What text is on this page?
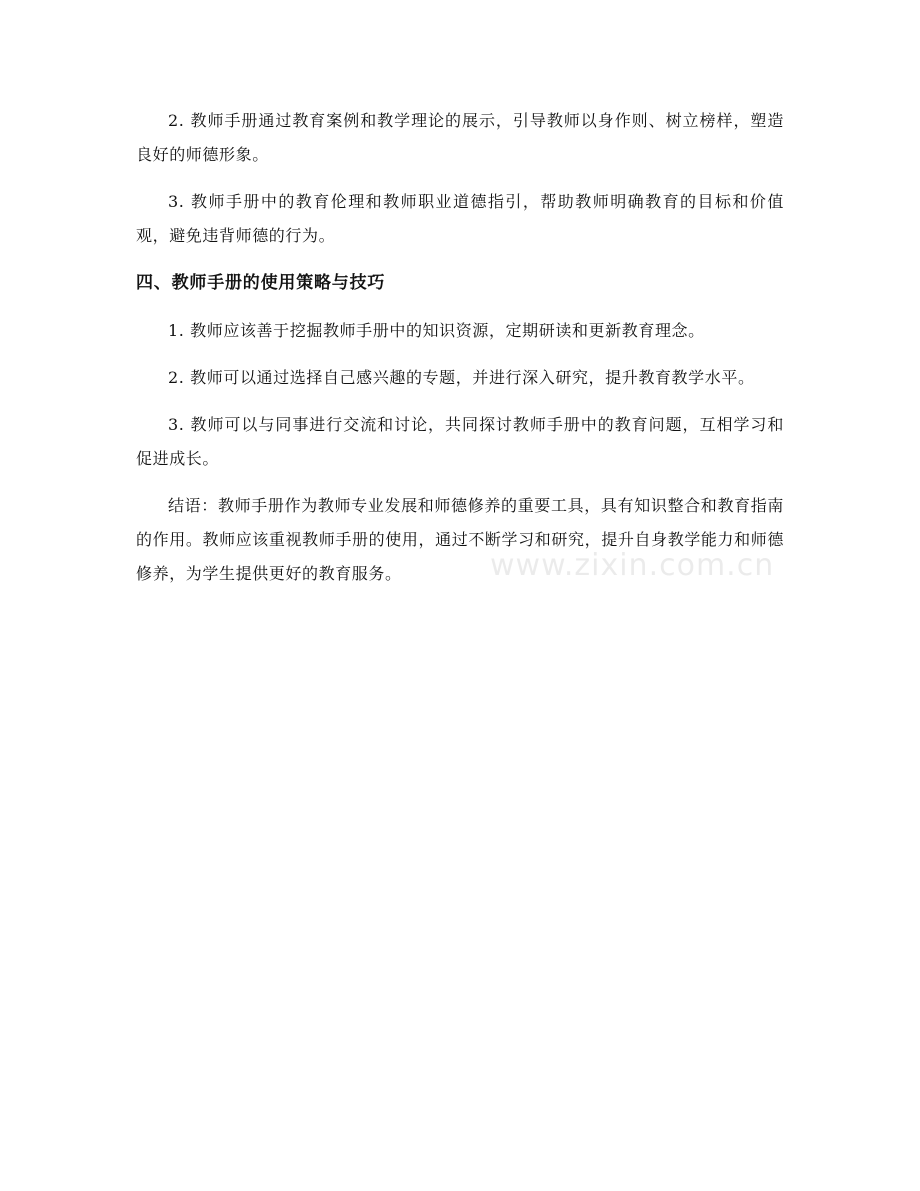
2. 教师手册通过教育案例和教学理论的展示，引导教师以身作则、树立榜样，塑造良好的师德形象。

3. 教师手册中的教育伦理和教师职业道德指引，帮助教师明确教育的目标和价值观，避免违背师德的行为。

四、教师手册的使用策略与技巧

1. 教师应该善于挖掘教师手册中的知识资源，定期研读和更新教育理念。

2. 教师可以通过选择自己感兴趣的专题，并进行深入研究，提升教育教学水平。

3. 教师可以与同事进行交流和讨论，共同探讨教师手册中的教育问题，互相学习和促进成长。

结语：教师手册作为教师专业发展和师德修养的重要工具，具有知识整合和教育指南的作用。教师应该重视教师手册的使用，通过不断学习和研究，提升自身教学能力和师德修养，为学生提供更好的教育服务。	www.zixin.com.cn
